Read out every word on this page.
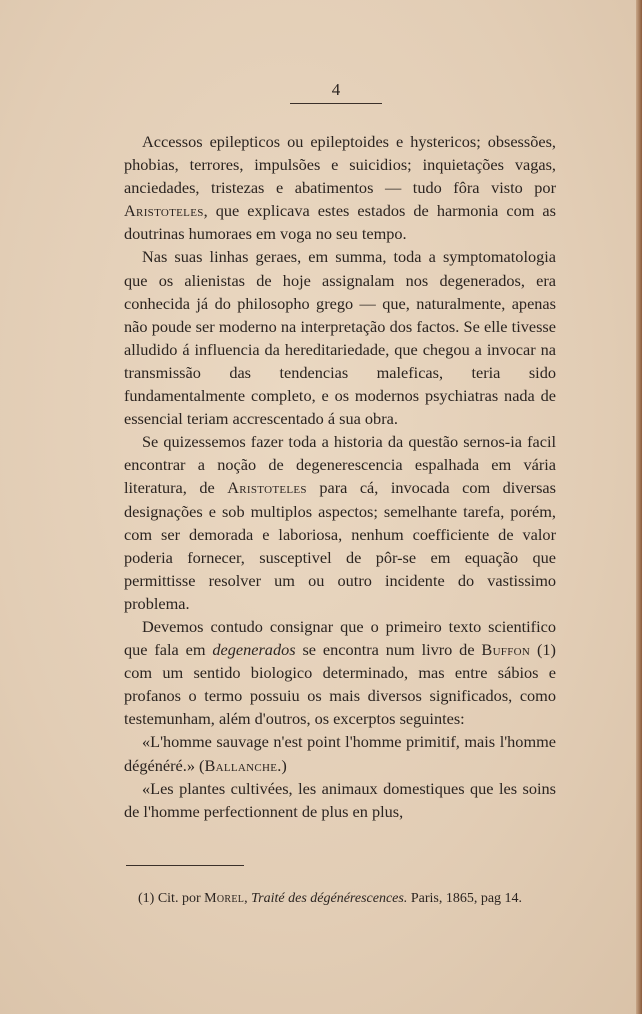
4

Accessos epilepticos ou epileptoides e hystericos; obsessões, phobias, terrores, impulsões e suicidios; inquietações vagas, anciedades, tristezas e abatimentos — tudo fôra visto por Aristoteles, que explicava estes estados de harmonia com as doutrinas humoraes em voga no seu tempo.

Nas suas linhas geraes, em summa, toda a symptomatologia que os alienistas de hoje assignalam nos degenerados, era conhecida já do philosopho grego — que, naturalmente, apenas não poude ser moderno na interpretação dos factos. Se elle tivesse alludido á influencia da hereditariedade, que chegou a invocar na transmissão das tendencias maleficas, teria sido fundamentalmente completo, e os modernos psychiatras nada de essencial teriam accrescentado á sua obra.

Se quizessemos fazer toda a historia da questão sernos-ia facil encontrar a noção de degenerescencia espalhada em vária literatura, de Aristoteles para cá, invocada com diversas designações e sob multiplos aspectos; semelhante tarefa, porém, com ser demorada e laboriosa, nenhum coefficiente de valor poderia fornecer, susceptivel de pôr-se em equação que permittisse resolver um ou outro incidente do vastissimo problema.

Devemos contudo consignar que o primeiro texto scientifico que fala em degenerados se encontra num livro de Buffon (1) com um sentido biologico determinado, mas entre sábios e profanos o termo possuiu os mais diversos significados, como testemunham, além d'outros, os excerptos seguintes:

«L'homme sauvage n'est point l'homme primitif, mais l'homme dégénéré.» (Ballanche.)

«Les plantes cultivées, les animaux domestiques que les soins de l'homme perfectionnent de plus en plus,

(1) Cit. por Morel, Traité des dégénérescences. Paris, 1865, pag 14.
